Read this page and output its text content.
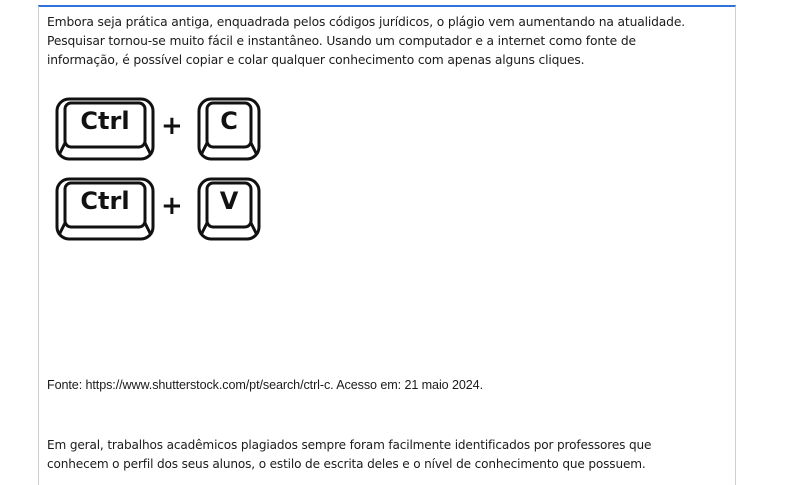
Embora seja prática antiga, enquadrada pelos códigos jurídicos, o plágio vem aumentando na atualidade.
Pesquisar tornou-se muito fácil e instantâneo. Usando um computador e a internet como fonte de
informação, é possível copiar e colar qualquer conhecimento com apenas alguns cliques.
Ctrl	+	C
Ctrl	+	V
Fonte: https://www.shutterstock.com/pt/search/ctrl-c. Acesso em: 21 maio 2024.
Em geral, trabalhos acadêmicos plagiados sempre foram facilmente identificados por professores que
conhecem o perfil dos seus alunos, o estilo de escrita deles e o nível de conhecimento que possuem.
